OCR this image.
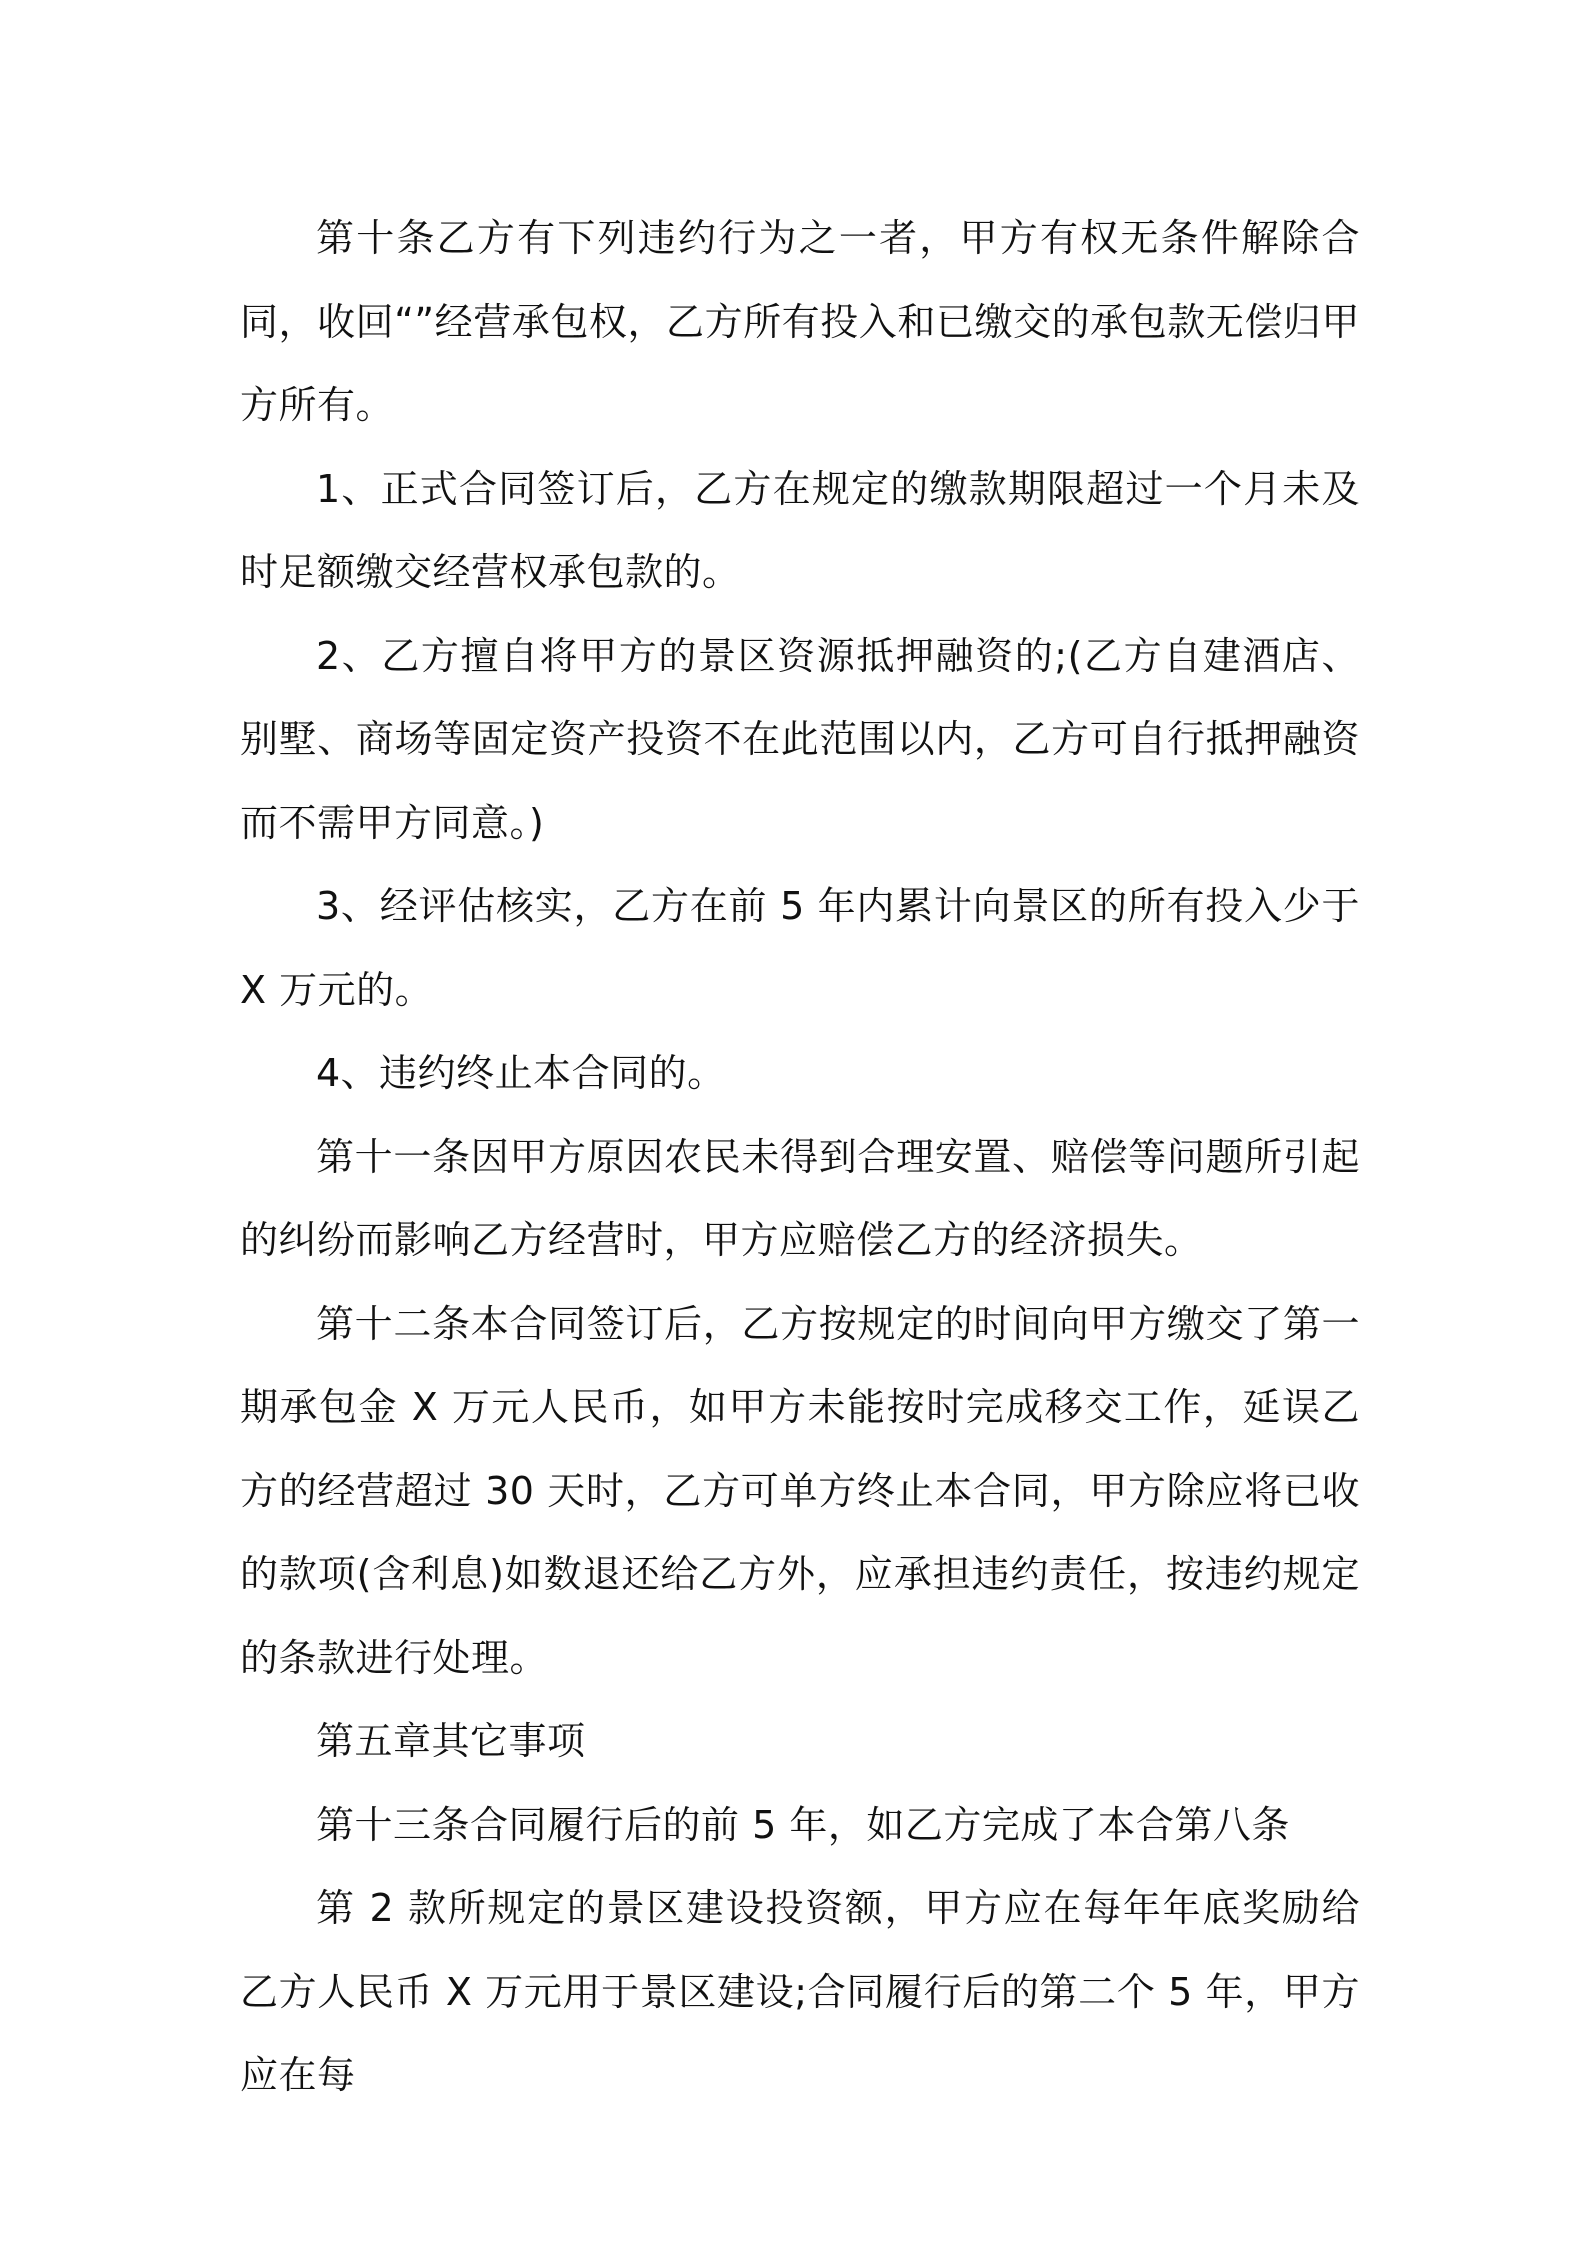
第十条乙方有下列违约行为之一者，甲方有权无条件解除合同，收回“”经营承包权，乙方所有投入和已缴交的承包款无偿归甲方所有。

1、正式合同签订后，乙方在规定的缴款期限超过一个月未及时足额缴交经营权承包款的。

2、乙方擅自将甲方的景区资源抵押融资的;(乙方自建酒店、别墅、商场等固定资产投资不在此范围以内，乙方可自行抵押融资而不需甲方同意。)

3、经评估核实，乙方在前 5 年内累计向景区的所有投入少于 X 万元的。

4、违约终止本合同的。

第十一条因甲方原因农民未得到合理安置、赔偿等问题所引起的纠纷而影响乙方经营时，甲方应赔偿乙方的经济损失。

第十二条本合同签订后，乙方按规定的时间向甲方缴交了第一期承包金 X 万元人民币，如甲方未能按时完成移交工作，延误乙方的经营超过 30 天时，乙方可单方终止本合同，甲方除应将已收的款项(含利息)如数退还给乙方外，应承担违约责任，按违约规定的条款进行处理。

第五章其它事项

第十三条合同履行后的前 5 年，如乙方完成了本合第八条

第 2 款所规定的景区建设投资额，甲方应在每年年底奖励给乙方人民币 X 万元用于景区建设;合同履行后的第二个 5 年，甲方应在每
